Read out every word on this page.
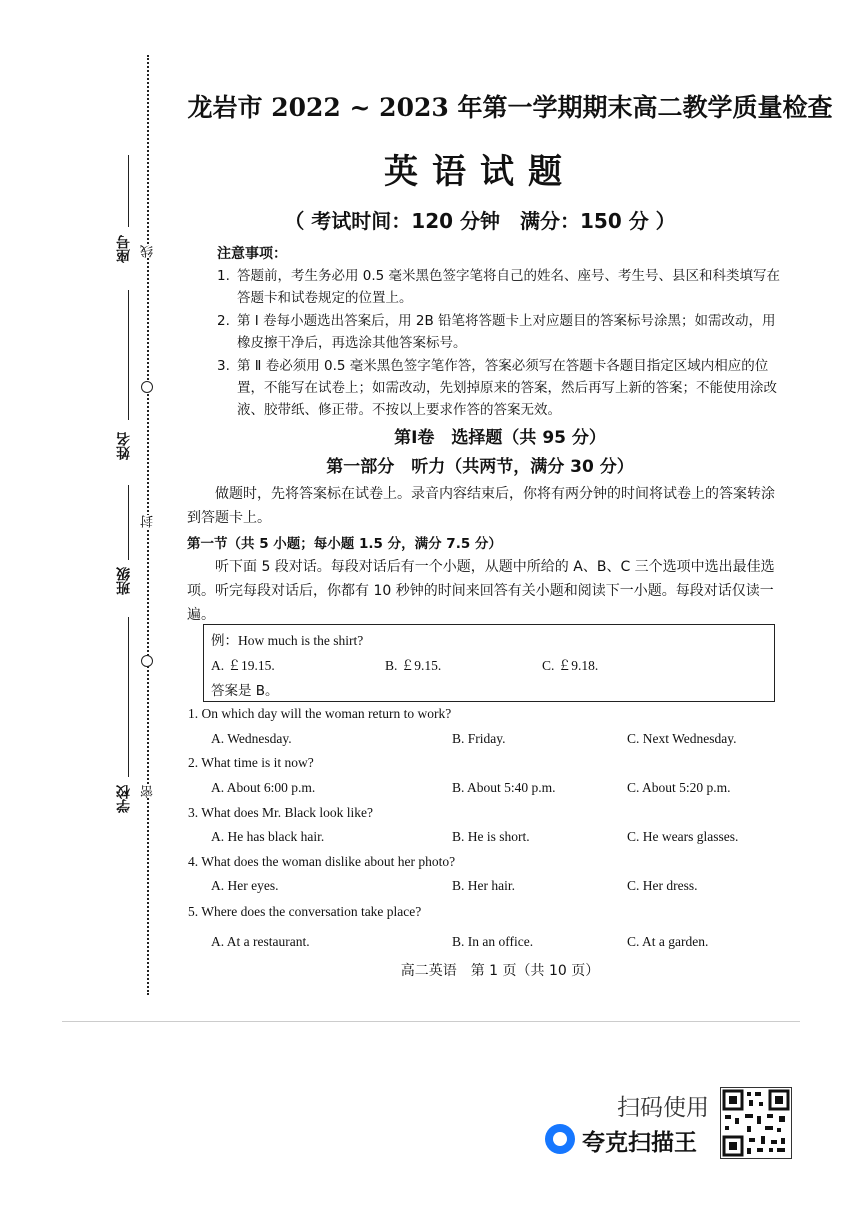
座号
姓名
班级
学校
线
封
密
龙岩市 2022 ~ 2023 年第一学期期末高二教学质量检查
英语试题
（ 考试时间：120 分钟　满分：150 分 ）
注意事项：
1. 答题前，考生务必用 0.5 毫米黑色签字笔将自己的姓名、座号、考生号、县区和科类填写在答题卡和试卷规定的位置上。
2. 第 Ⅰ 卷每小题选出答案后，用 2B 铅笔将答题卡上对应题目的答案标号涂黑；如需改动，用橡皮擦干净后，再选涂其他答案标号。
3. 第 Ⅱ 卷必须用 0.5 毫米黑色签字笔作答，答案必须写在答题卡各题目指定区域内相应的位置，不能写在试卷上；如需改动，先划掉原来的答案，然后再写上新的答案；不能使用涂改液、胶带纸、修正带。不按以上要求作答的答案无效。
第Ⅰ卷　选择题（共 95 分）
第一部分　听力（共两节，满分 30 分）
做题时，先将答案标在试卷上。录音内容结束后，你将有两分钟的时间将试卷上的答案转涂到答题卡上。
第一节（共 5 小题；每小题 1.5 分，满分 7.5 分）
听下面 5 段对话。每段对话后有一个小题，从题中所给的 A、B、C 三个选项中选出最佳选项。听完每段对话后，你都有 10 秒钟的时间来回答有关小题和阅读下一小题。每段对话仅读一遍。
例：How much is the shirt?
A. ￡19.15.	B. ￡9.15.	C. ￡9.18.
答案是 B。
1. On which day will the woman return to work?
A. Wednesday.	B. Friday.	C. Next Wednesday.
2. What time is it now?
A. About 6:00 p.m.	B. About 5:40 p.m.	C. About 5:20 p.m.
3. What does Mr. Black look like?
A. He has black hair.	B. He is short.	C. He wears glasses.
4. What does the woman dislike about her photo?
A. Her eyes.	B. Her hair.	C. Her dress.
5. Where does the conversation take place?
A. At a restaurant.	B. In an office.	C. At a garden.
高二英语　第 1 页（共 10 页）
扫码使用
夸克扫描王
